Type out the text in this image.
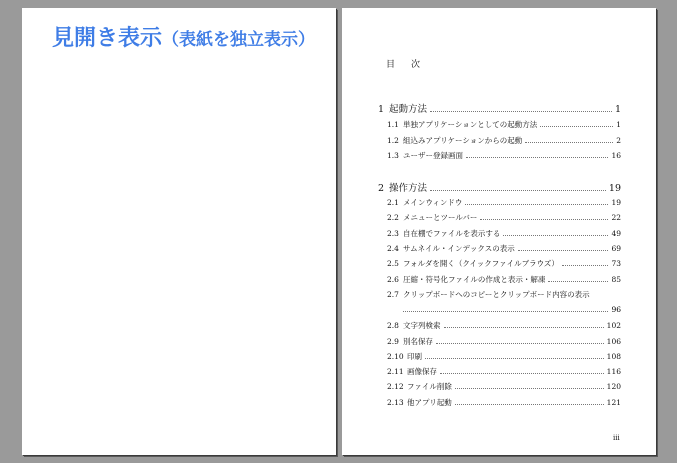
見開き表示（表紙を独立表示）
目次
1 起動方法	1
1.1 単独アプリケーションとしての起動方法	1
1.2 組込みアプリケーションからの起動	2
1.3 ユーザー登録画面	16
2 操作方法	19
2.1 メインウィンドウ	19
2.2 メニューとツールバー	22
2.3 自在棚でファイルを表示する	49
2.4 サムネイル・インデックスの表示	69
2.5 フォルダを開く（クイックファイルブラウズ）	73
2.6 圧縮・符号化ファイルの作成と表示・解凍	85
2.7 クリップボードへのコピーとクリップボード内容の表示
96
2.8 文字列検索	102
2.9 別名保存	106
2.10 印刷	108
2.11 画像保存	116
2.12 ファイル削除	120
2.13 他アプリ起動	121
iii
